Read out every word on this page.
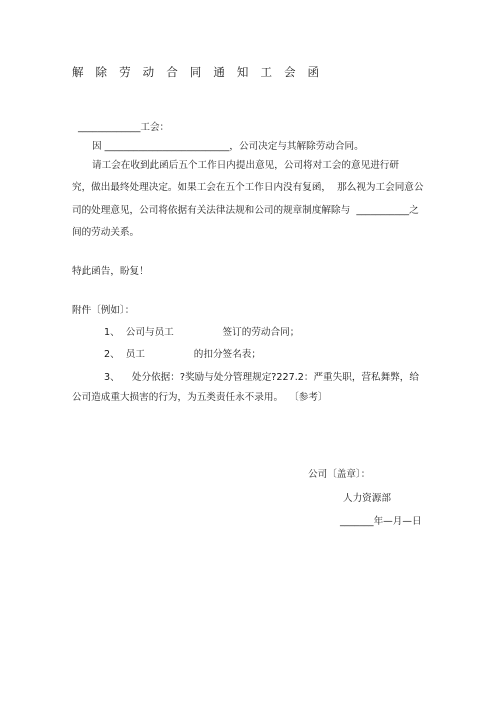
解 除 劳 动 合 同 通 知 工 会 函
_____________工会：
因 __________________________，公司决定与其解除劳动合同。
请工会在收到此函后五个工作日内提出意见，公司将对工会的意见进行研
究，做出最终处理决定。如果工会在五个工作日内没有复函，  那么视为工会同意公
司的处理意见，公司将依据有关法律法规和公司的规章制度解除与  ___________之
间的劳动关系。
特此函告，盼复！
附件〔例如〕：
1、  公司与员工                签订的劳动合同；
2、  员工                的扣分签名表；
3、    处分依据：?奖励与处分管理规定?227.2：严重失职，营私舞弊，给
公司造成重大损害的行为，为五类责任永不录用。  〔参考〕
公司〔盖章〕：
人力资源部
_______年—月—日
